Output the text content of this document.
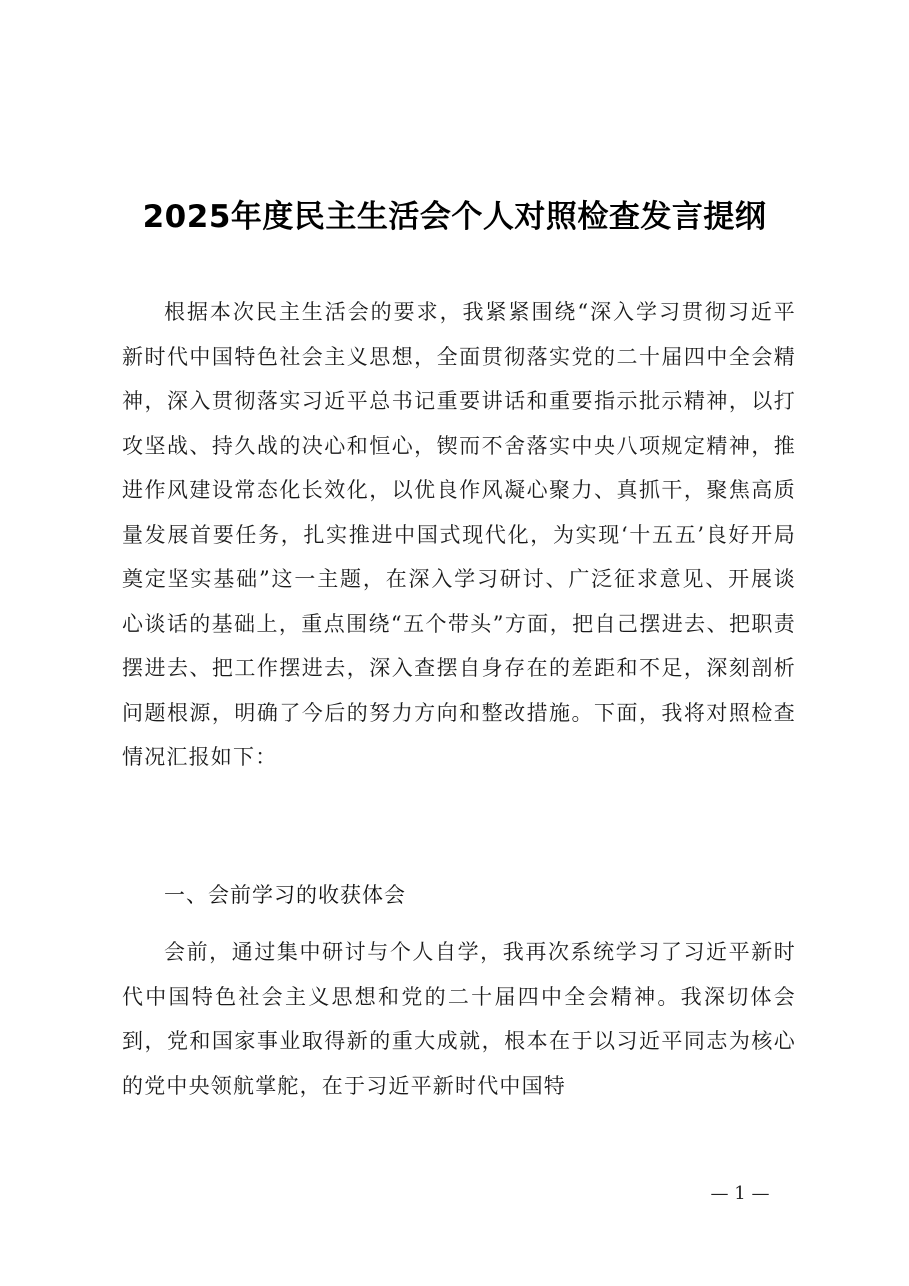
2025年度民主生活会个人对照检查发言提纲

根据本次民主生活会的要求，我紧紧围绕“深入学习贯彻习近平新时代中国特色社会主义思想，全面贯彻落实党的二十届四中全会精神，深入贯彻落实习近平总书记重要讲话和重要指示批示精神，以打攻坚战、持久战的决心和恒心，锲而不舍落实中央八项规定精神，推进作风建设常态化长效化，以优良作风凝心聚力、真抓干，聚焦高质量发展首要任务，扎实推进中国式现代化，为实现‘十五五’良好开局奠定坚实基础”这一主题，在深入学习研讨、广泛征求意见、开展谈心谈话的基础上，重点围绕“五个带头”方面，把自己摆进去、把职责摆进去、把工作摆进去，深入查摆自身存在的差距和不足，深刻剖析问题根源，明确了今后的努力方向和整改措施。下面，我将对照检查情况汇报如下：

一、会前学习的收获体会

会前，通过集中研讨与个人自学，我再次系统学习了习近平新时代中国特色社会主义思想和党的二十届四中全会精神。我深切体会到，党和国家事业取得新的重大成就，根本在于以习近平同志为核心的党中央领航掌舵，在于习近平新时代中国特

— 1 —
